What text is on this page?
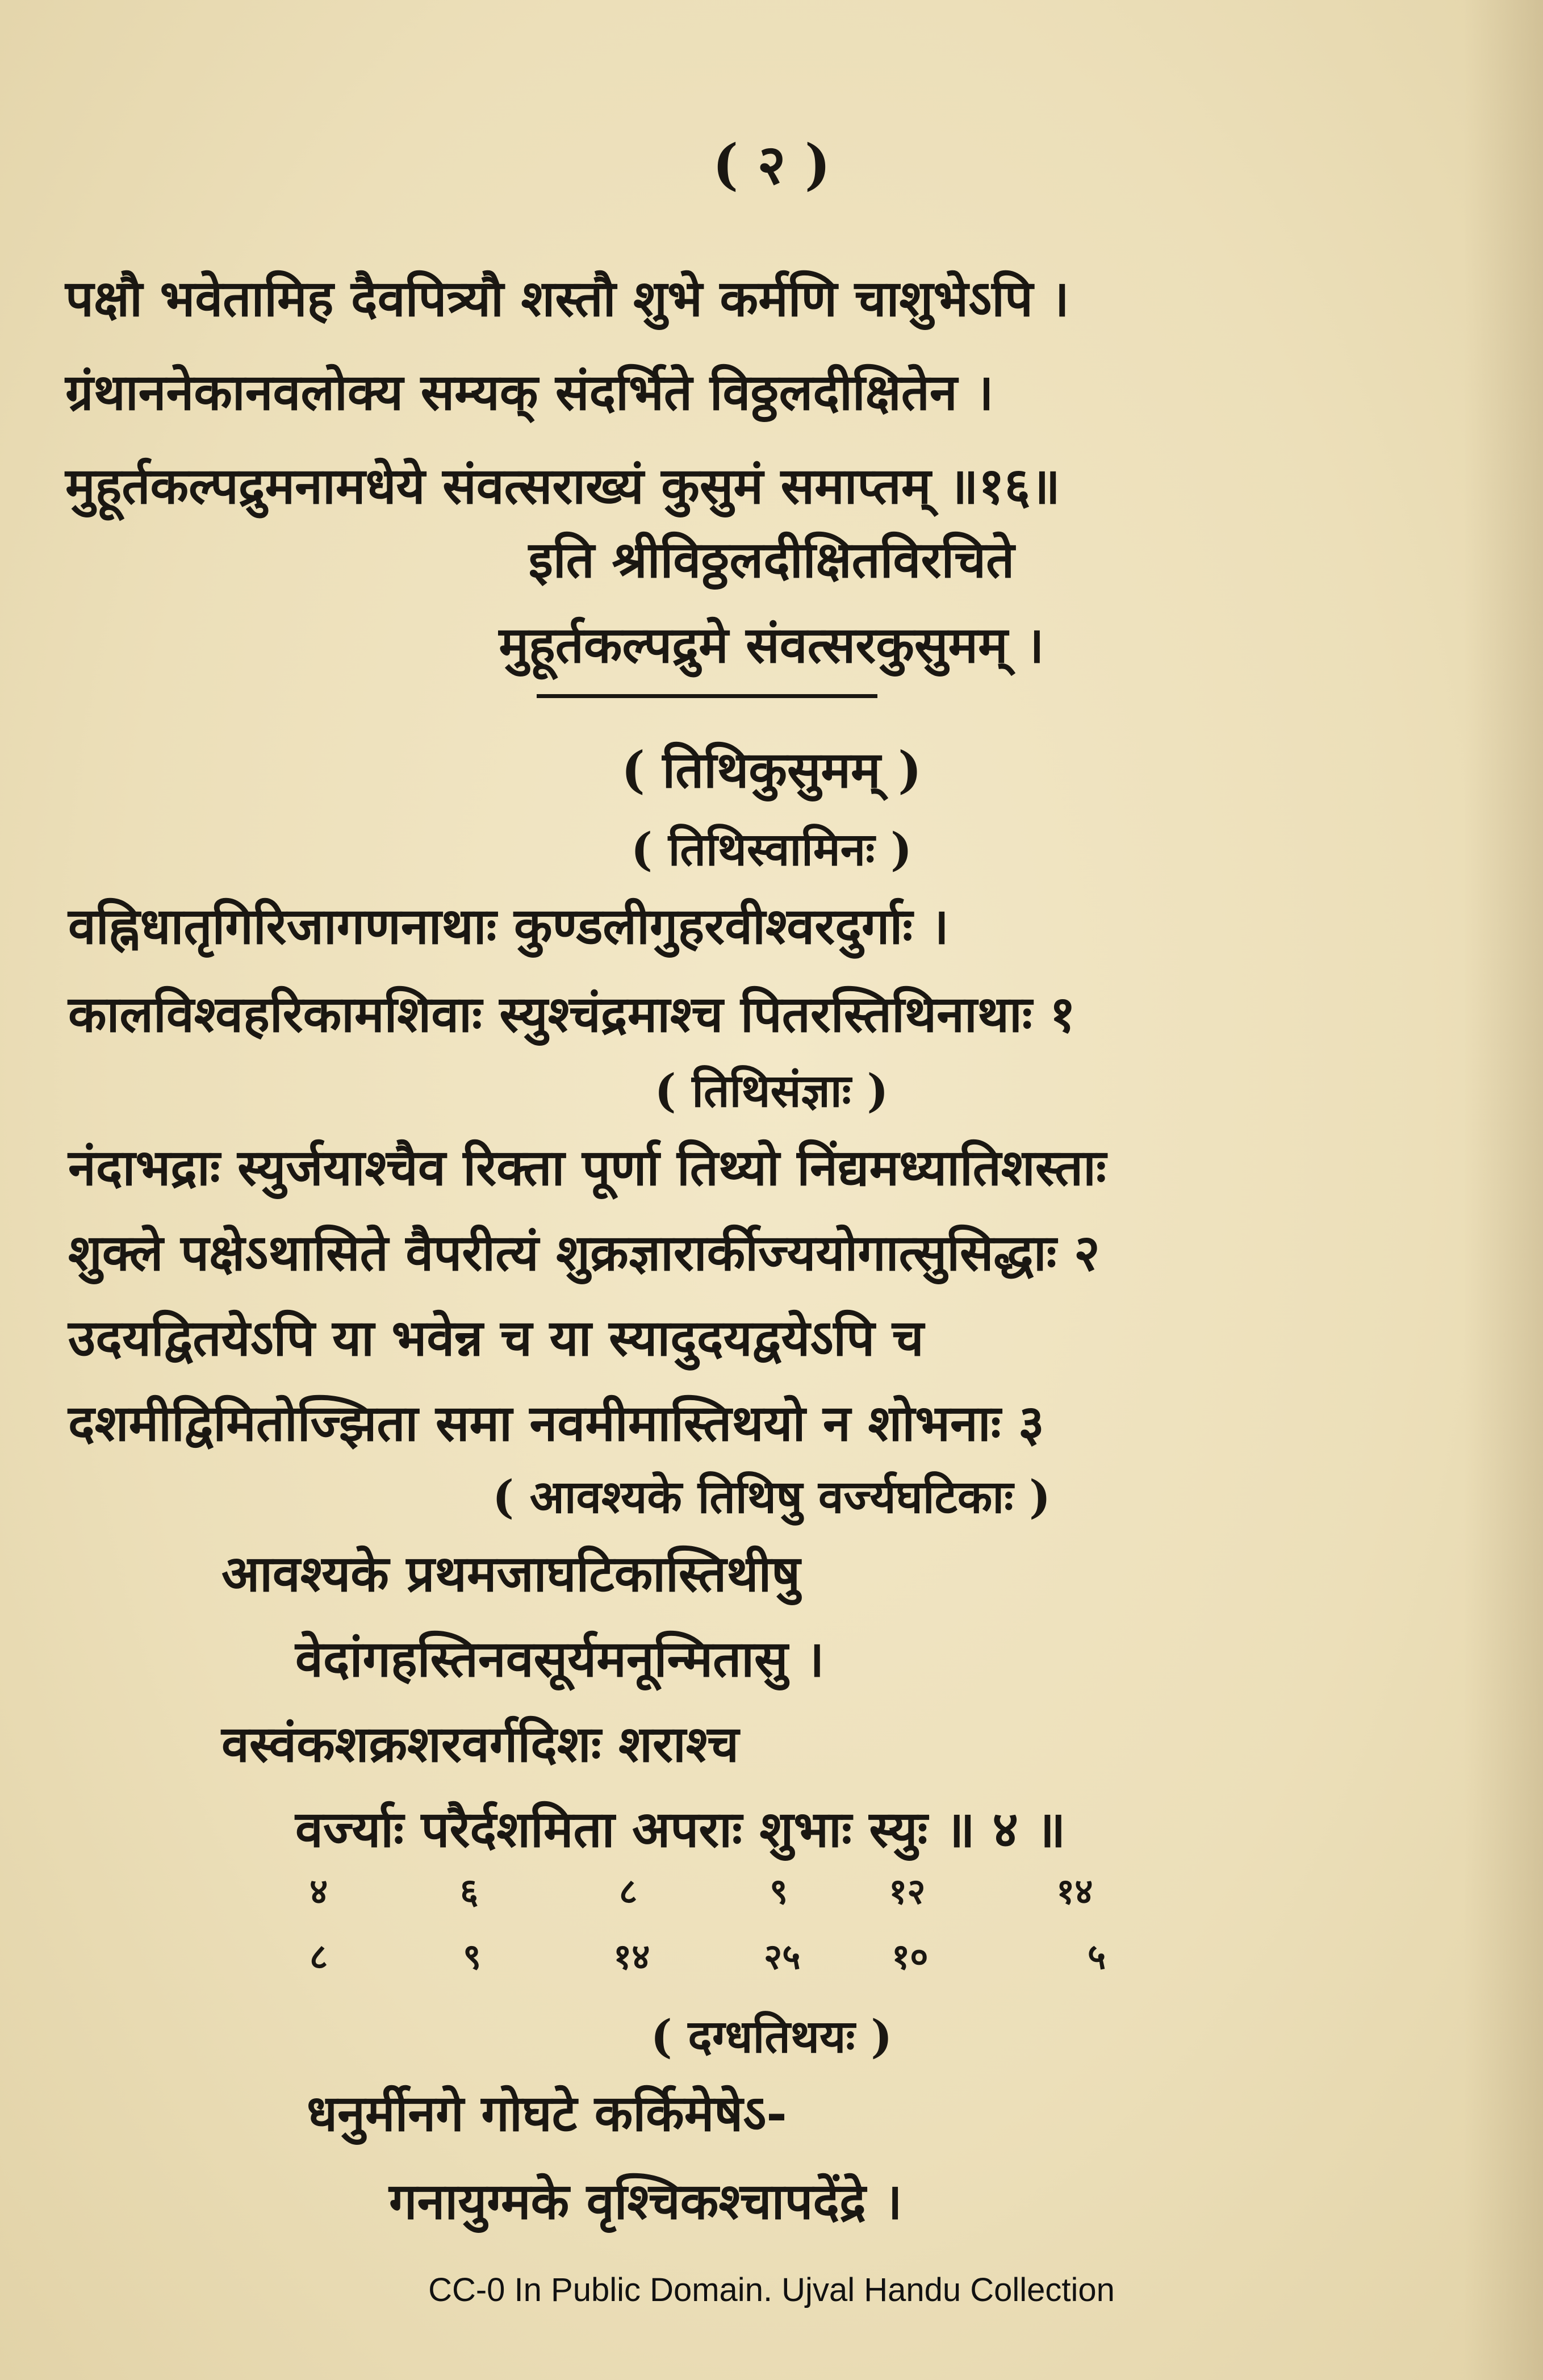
( २ )
पक्षौ भवेतामिह दैवपित्र्यौ शस्तौ शुभे कर्मणि चाशुभेऽपि ।
ग्रंथाननेकानवलोक्य सम्यक् संदर्भिते विठ्ठलदीक्षितेन ।
मुहूर्तकल्पद्रुमनामधेये संवत्सराख्यं कुसुमं समाप्तम् ॥१६॥
इति श्रीविठ्ठलदीक्षितविरचिते
मुहूर्तकल्पद्रुमे संवत्सरकुसुमम् ।
( तिथिकुसुमम् )
( तिथिस्वामिनः )
वह्निधातृगिरिजागणनाथाः कुण्डलीगुहरवीश्वरदुर्गाः ।
कालविश्वहरिकामशिवाः स्युश्चंद्रमाश्च पितरस्तिथिनाथाः १
( तिथिसंज्ञाः )
नंदाभद्राः स्युर्जयाश्चैव रिक्ता पूर्णा तिथ्यो निंद्यमध्यातिशस्ताः
शुक्ले पक्षेऽथासिते वैपरीत्यं शुक्रज्ञारार्कीज्ययोगात्सुसिद्धाः २
उदयद्वितयेऽपि या भवेन्न च या स्यादुदयद्वयेऽपि च
दशमीद्विमितोज्झिता समा नवमीमास्तिथयो न शोभनाः ३
( आवश्यके तिथिषु वर्ज्यघटिकाः )
आवश्यके प्रथमजाघटिकास्तिथीषु
वेदांगहस्तिनवसूर्यमनून्मितासु ।
वस्वंकशक्रशरवर्गदिशः शराश्च
वर्ज्याः परैर्दशमिता अपराः शुभाः स्युः ॥ ४ ॥
४	६	८	९	१२	१४
८	९	१४	२५	१०	५
( दग्धतिथयः )
धनुर्मीनगे गोघटे कर्किमेषेऽ-
गनायुग्मके वृश्चिकश्चापदेंद्रे ।
CC-0 In Public Domain. Ujval Handu Collection
